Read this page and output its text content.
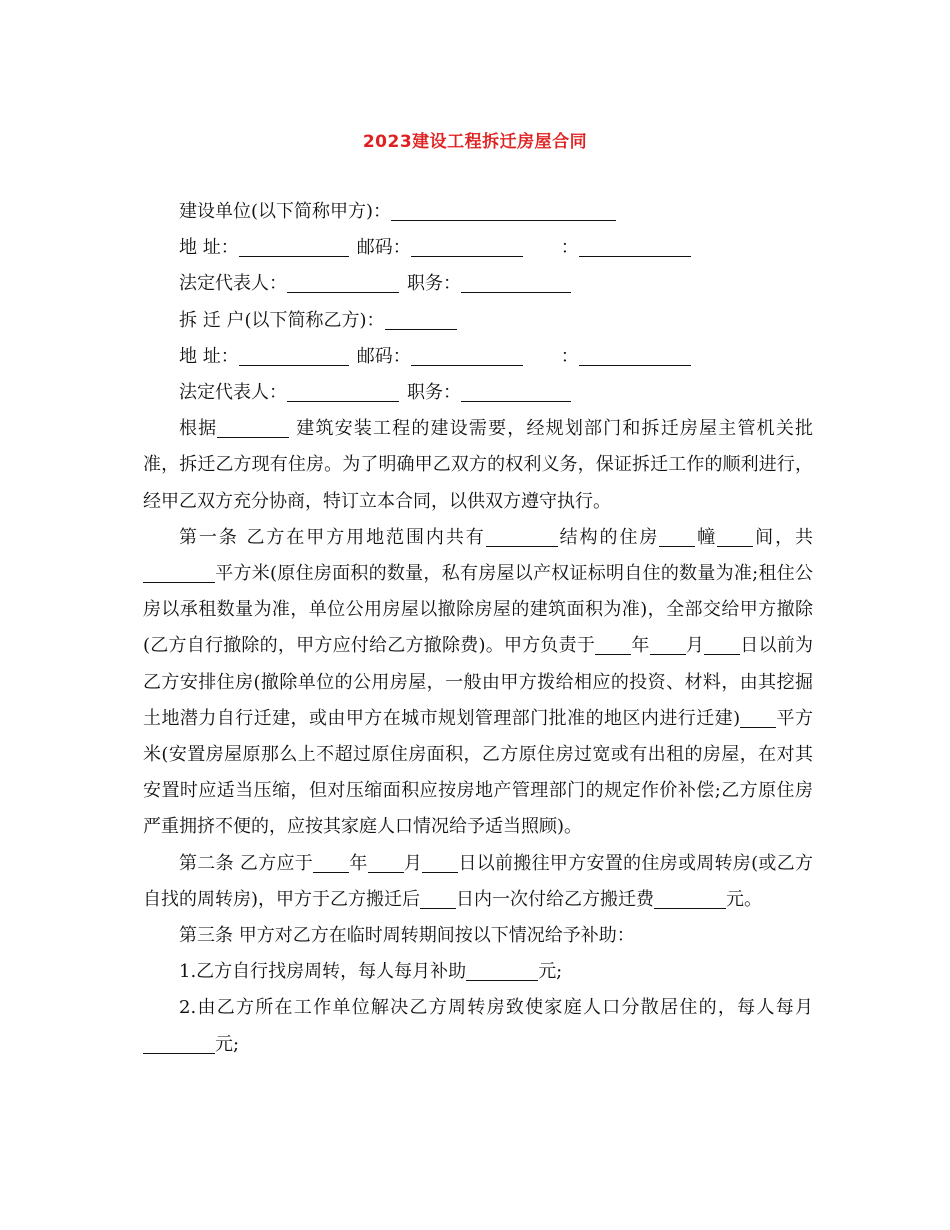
2023建设工程拆迁房屋合同
建设单位(以下简称甲方)：
地 址：	邮码：	：
法定代表人：	职务：
拆 迁 户(以下简称乙方)：
地 址：	邮码：	：
法定代表人：	职务：
根据	建筑安装工程的建设需要，经规划部门和拆迁房屋主管机关批准，拆迁乙方现有住房。为了明确甲乙双方的权利义务，保证拆迁工作的顺利进行，经甲乙双方充分协商，特订立本合同，以供双方遵守执行。
第一条 乙方在甲方用地范围内共有	结构的住房 幢 间，共平方米(原住房面积的数量，私有房屋以产权证标明自住的数量为准;租住公房以承租数量为准，单位公用房屋以撤除房屋的建筑面积为准)，全部交给甲方撤除(乙方自行撤除的，甲方应付给乙方撤除费)。甲方负责于 年 月 日以前为乙方安排住房(撤除单位的公用房屋，一般由甲方拨给相应的投资、材料，由其挖掘土地潜力自行迁建，或由甲方在城市规划管理部门批准的地区内进行迁建) 平方米(安置房屋原那么上不超过原住房面积，乙方原住房过宽或有出租的房屋，在对其安置时应适当压缩，但对压缩面积应按房地产管理部门的规定作价补偿;乙方原住房严重拥挤不便的，应按其家庭人口情况给予适当照顾)。
第二条 乙方应于 年 月 日以前搬往甲方安置的住房或周转房(或乙方自找的周转房)，甲方于乙方搬迁后 日内一次付给乙方搬迁费	元。
第三条 甲方对乙方在临时周转期间按以下情况给予补助：
1.乙方自行找房周转，每人每月补助	元;
2.由乙方所在工作单位解决乙方周转房致使家庭人口分散居住的，每人每月元;
